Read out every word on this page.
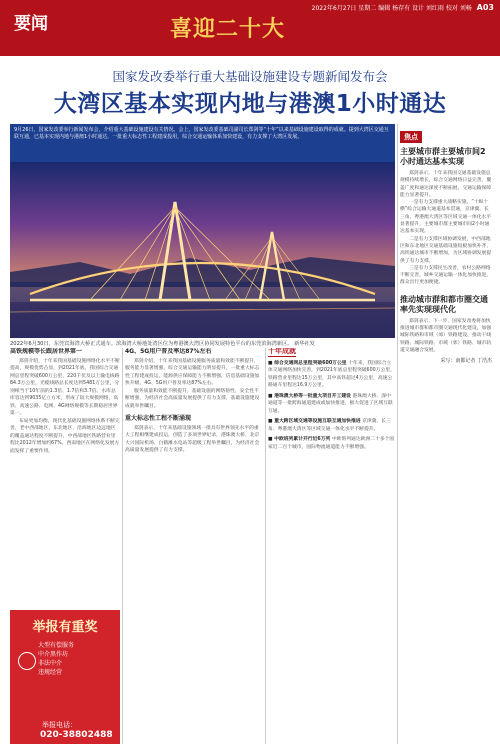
要闻	喜迎二十大
2022年6月27日 星期二 编辑 杨存有 设计 刘红雨 校对 刘畅 A03
国家发改委举行重大基础设施建设专题新闻发布会
大湾区基本实现内地与港澳1小时通达
9月26日，国家发改委举行新闻发布会，介绍重大基础设施建设有关情况。会上，国家发改委基础司副司长郑剑等“十年”以来基础设施建设取得的成就。提到大湾区交通互联互通，已基本实现内地与港澳1小时通达，一批重大标志性工程建成投用，综合交通运输体系加快建设，有力支撑了大湾区发展。
2022年6月30日，东莞宾海湾大桥正式通车。滨海湾大桥地处湾区位为粤港澳大湾区协同发展特色平台的东莞滨海湾新区。 新华社发
高铁规模等长跟居世界第一

郑剑介绍，十年来我国基础设施网络化水平不断提高，规模优势凸显，到2021年底，我国综合交通网总里程突破600万公里，220千伏及以上输电线路84.3万公里，光缆线路总长度达到5481万公里，分别相当于10年前的1.3倍、1.7倍和3.7倍。水库总库容达到9035亿立方米，形成了较大规模网络，高铁、高速公路、电网、4G网络规模等长期稳居世界第一。

布局更加均衡，现代化基础设施网络体系不断完善，老中西部地区、东北地区、沿海地区边远地区的覆盖通达程度不断提升，中西部地区铁路营业里程比2012年增加约67%，西南地区在网络化发展方面发挥了重要作用。

4G、5G用户普及率达87%左右

郑剑介绍，十年来我国基础设施服务质量和效能不断提升，服务能力显著增强，综合交通运输能力明显提升，一批重大标志性工程建成投运，能源供应保障能力不断增强，信息基础设施加快升级，4G、5G用户普及率达87%左右。

服务质量和效能不断提升，基础设施的网络韧性、安全性不断增强，为经济社会高质量发展提供了有力支撑，基础设施建设成就举世瞩目。

重大标志性工程不断涌现

郑剑表示，十年来基础设施领域一批具有世界领先水平的重大工程相继建成投运，创造了多项世界纪录，港珠澳大桥、北京大兴国际机场、白鹤滩水电站等超级工程举世瞩目，为经济社会高质量发展提供了有力支撑。

十年成就
■ 综合交通网总里程突破600万公里 十年来，我国综合立体交通网络加快完善，到2021年底总里程突破600万公里，铁路营业里程达15万公里，其中高铁超过4万公里，高速公路通车里程达16.9万公里。
■ 港珠澳大桥等一批重大项目开工建设 港珠澳大桥、深中通道等一批跨海通道建成或加快推进，极大促进了区域互联互通。
■ 重大跨区域交通等设施互联互通加快推进 京津冀、长三角、粤港澳大湾区等区域交通一体化水平不断提升。
■ 中欧班列累计开行近6万列 中欧班列通达欧洲二十多个国家近二百个城市，国际物流通道能力不断增强。
焦点
主要城市群主要城市间2小时通达基本实现

郑剑表示，十年来我国交通基础设施总规模持续增长，综合交通网络日益完善，覆盖广度和通达深度不断拓展，交通运输保障能力显著提升。

一是有力支撑重大战略实施，“十纵十横”综合运输大通道基本贯通，京津冀、长三角、粤港澳大湾区等区域交通一体化水平显著提升，主要城市群主要城市间2小时通达基本实现。

二是有力支撑区域协调发展，中西部地区和东北地区交通基础设施短板加快补齐，高铁通达城市不断增加，为区域协调发展提供了有力支撑。

三是有力支撑民生改善，农村公路网络不断完善，城乡交通运输一体化加快推进，群众出行更加便捷。

推动城市群和都市圈交通率先实现现代化

郑剑表示，下一步，国家发改委将加快推进城市群和都市圈交通现代化建设，加强城际铁路和市域（郊）铁路建设，推动干线铁路、城际铁路、市域（郊）铁路、城市轨道交通融合发展。

采写：南都记者 丁浩杰
举报有重奖
大型有偿服务
中介黑作坊
非法中介
违规经营
举报电话：
020-38802488
